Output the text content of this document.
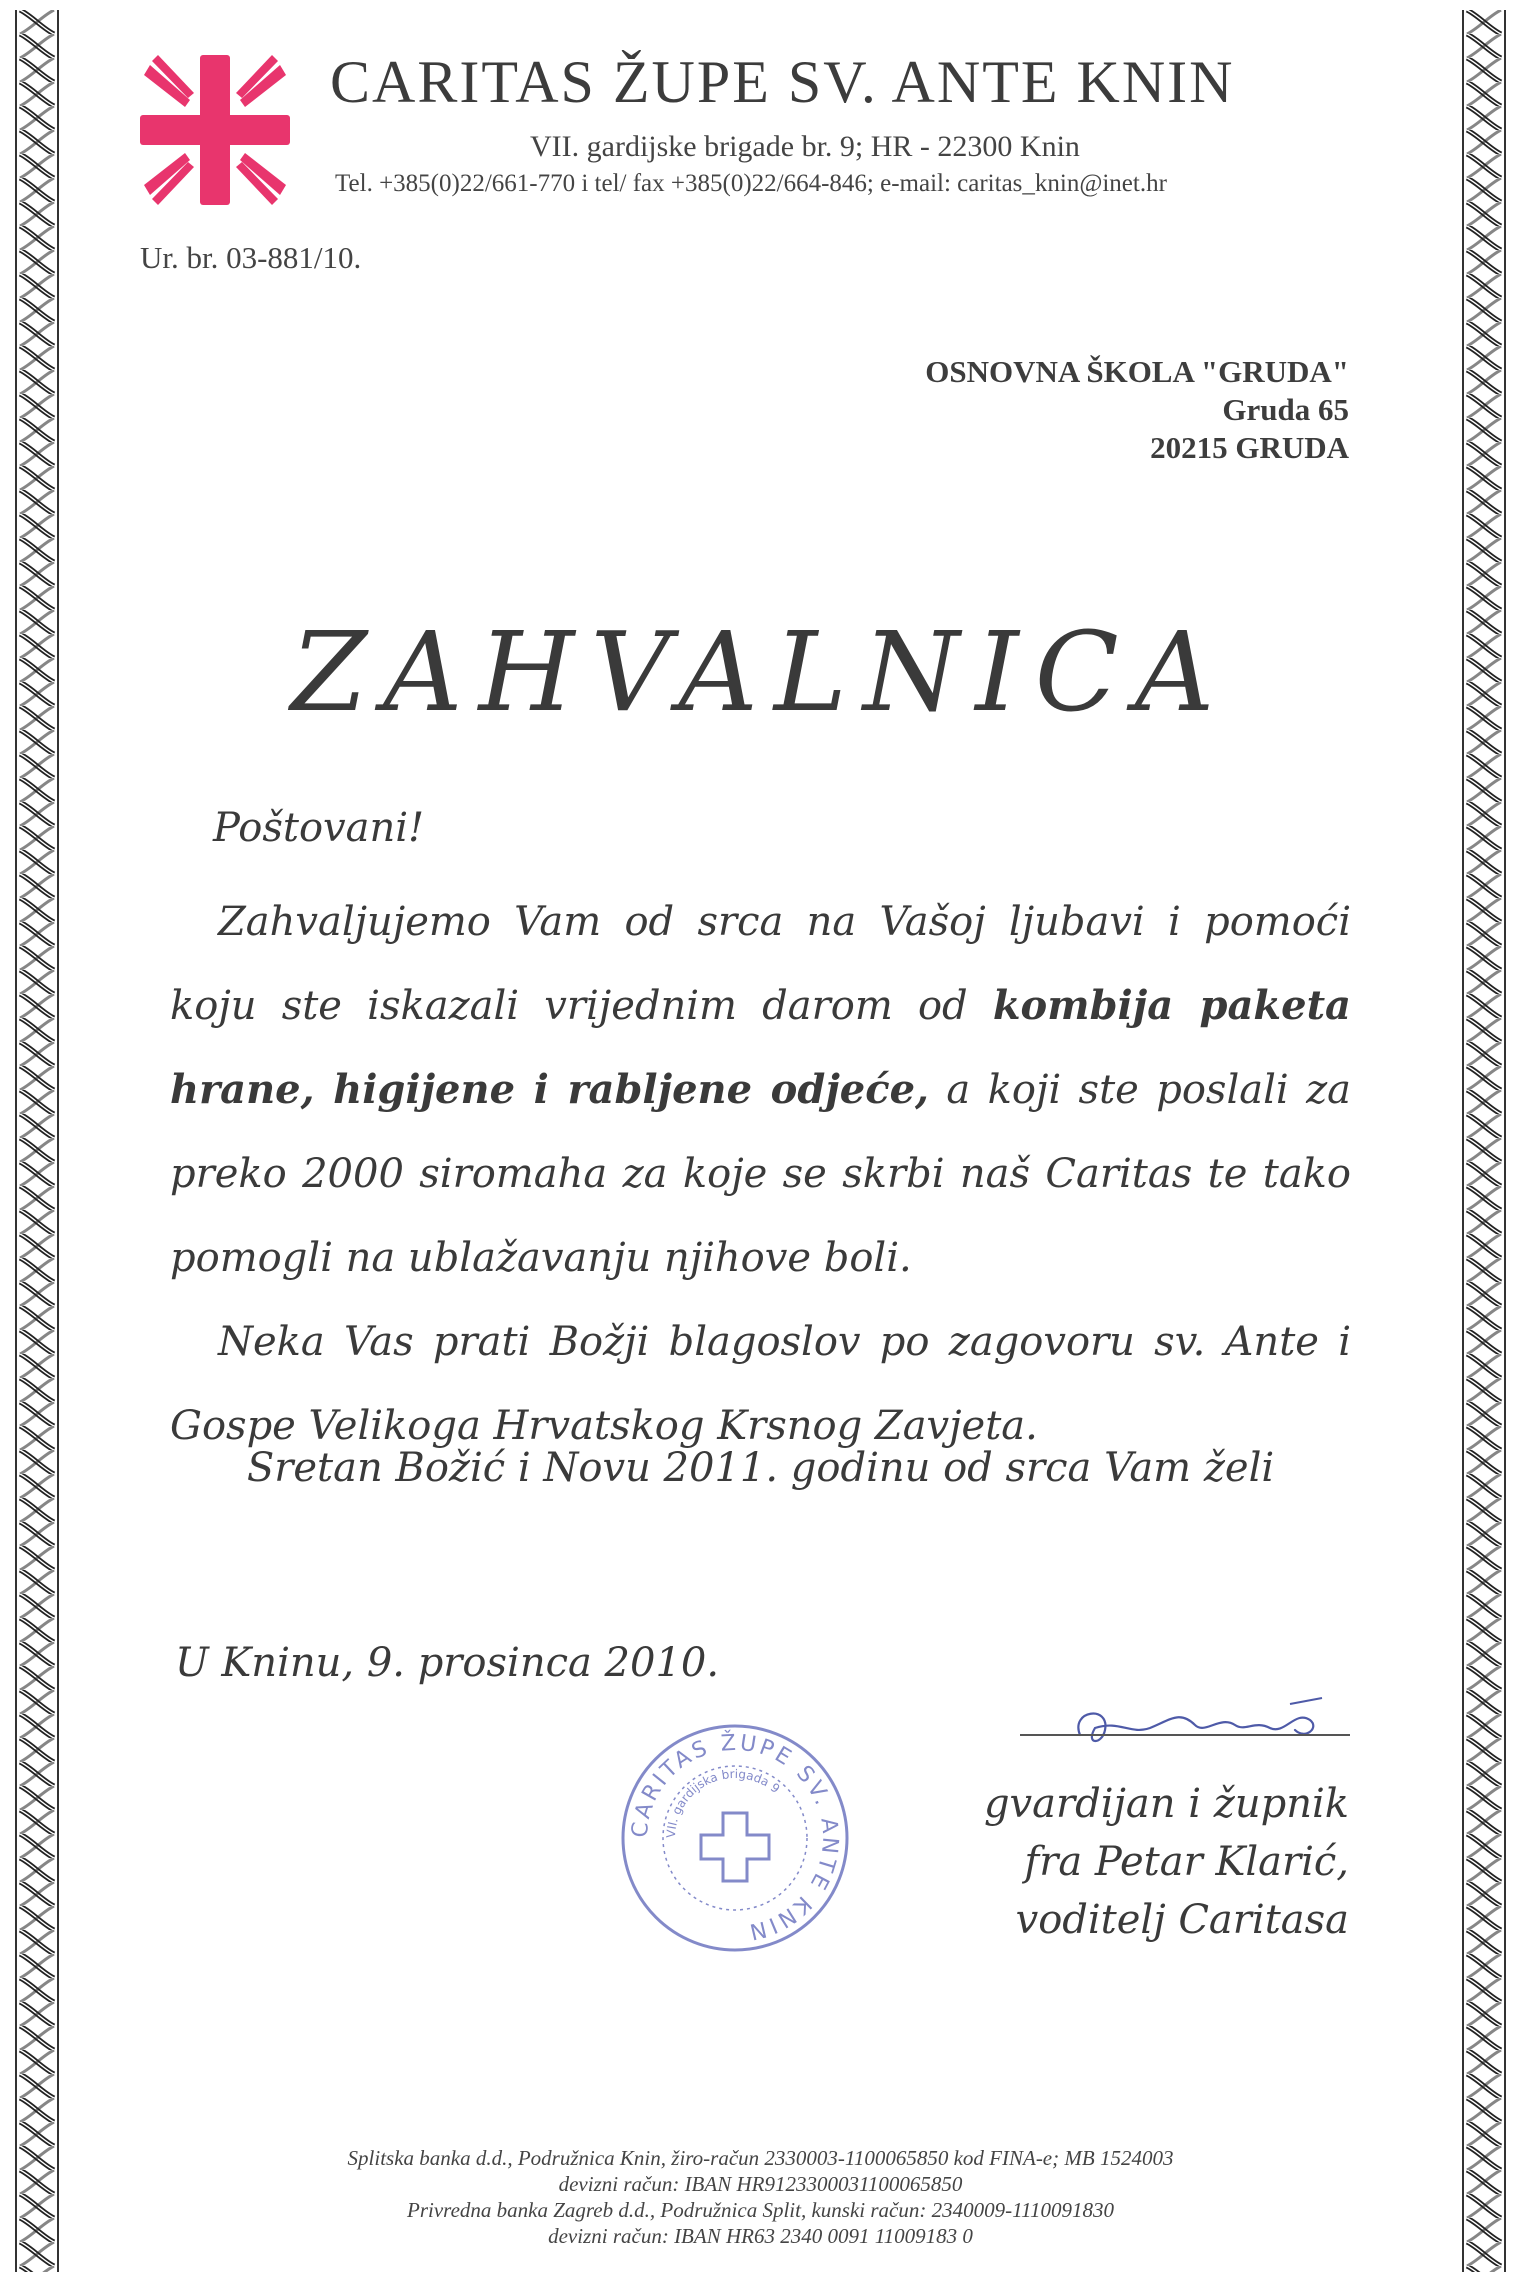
CARITAS ŽUPE SV. ANTE KNIN
VII. gardijske brigade br. 9; HR - 22300 Knin
Tel. +385(0)22/661-770 i tel/ fax +385(0)22/664-846; e-mail: caritas_knin@inet.hr
Ur. br. 03-881/10.
OSNOVNA ŠKOLA "GRUDA"
Gruda 65
20215 GRUDA
ZAHVALNICA
Poštovani!

Zahvaljujemo Vam od srca na Vašoj ljubavi i pomoći koju ste iskazali vrijednim darom od kombija paketa hrane, higijene i rabljene odjeće, a koji ste poslali za preko 2000 siromaha za koje se skrbi naš Caritas te tako pomogli na ublažavanju njihove boli.

Neka Vas prati Božji blagoslov po zagovoru sv. Ante i Gospe Velikoga Hrvatskog Krsnog Zavjeta.

Sretan Božić i Novu 2011. godinu od srca Vam želi
U Kninu, 9. prosinca 2010.
CARITAS ŽUPE SV. ANTE KNIN
VII. gardijska brigada 9	gvardijan i župnik
fra Petar Klarić,
voditelj Caritasa
Splitska banka d.d., Podružnica Knin, žiro-račun 2330003-1100065850 kod FINA-e; MB 1524003
devizni račun: IBAN HR9123300031100065850
Privredna banka Zagreb d.d., Podružnica Split, kunski račun: 2340009-1110091830
devizni račun: IBAN HR63 2340 0091 11009183 0
